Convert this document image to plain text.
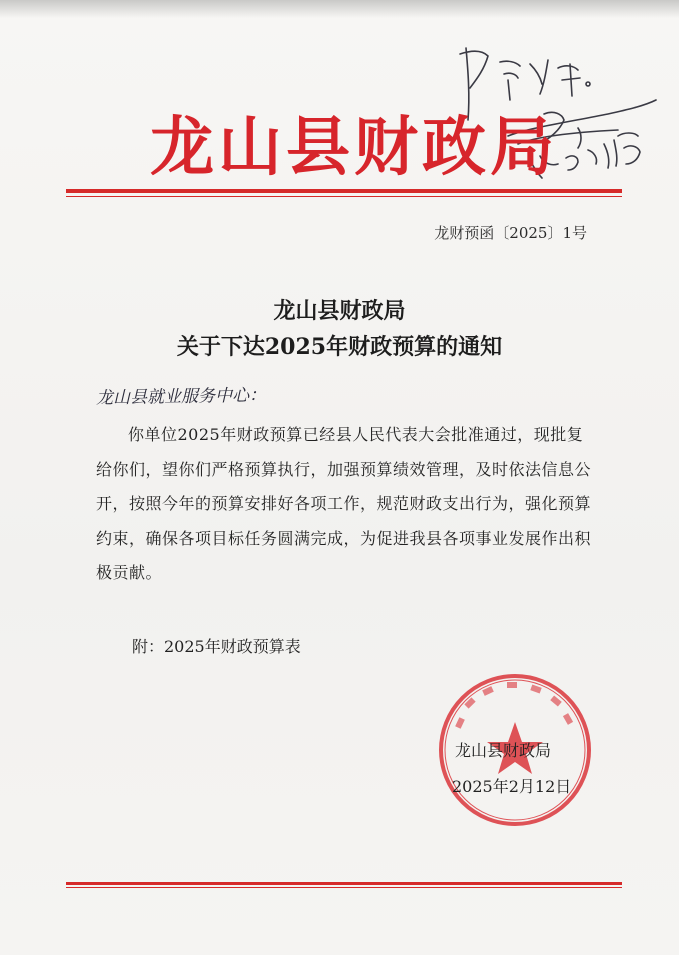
龙山县财政局
龙财预函〔2025〕1号
龙山县财政局
关于下达2025年财政预算的通知
龙山县就业服务中心：
你单位2025年财政预算已经县人民代表大会批准通过，现批复给你们，望你们严格预算执行，加强预算绩效管理，及时依法信息公开，按照今年的预算安排好各项工作，规范财政支出行为，强化预算约束，确保各项目标任务圆满完成，为促进我县各项事业发展作出积极贡献。
附：2025年财政预算表
龙山县财政局
2025年2月12日
